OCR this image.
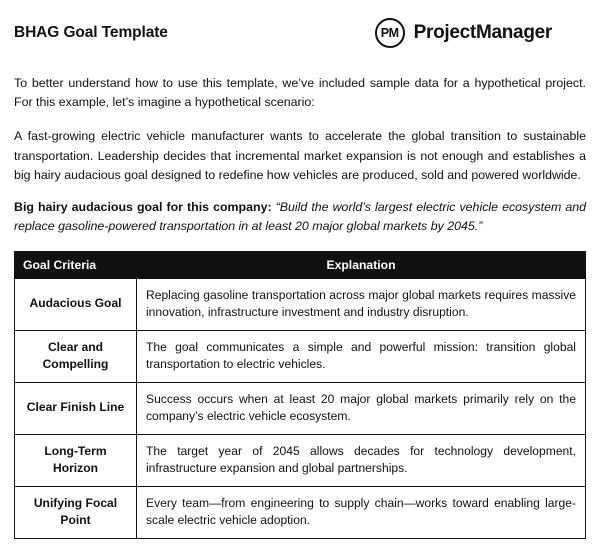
BHAG Goal Template	PM ProjectManager

To better understand how to use this template, we’ve included sample data for a hypothetical project. For this example, let’s imagine a hypothetical scenario:

A fast-growing electric vehicle manufacturer wants to accelerate the global transition to sustainable transportation. Leadership decides that incremental market expansion is not enough and establishes a big hairy audacious goal designed to redefine how vehicles are produced, sold and powered worldwide.

Big hairy audacious goal for this company: “Build the world’s largest electric vehicle ecosystem and replace gasoline-powered transportation in at least 20 major global markets by 2045.”

Goal Criteria	Explanation
Audacious Goal	Replacing gasoline transportation across major global markets requires massive innovation, infrastructure investment and industry disruption.
Clear and Compelling	The goal communicates a simple and powerful mission: transition global transportation to electric vehicles.
Clear Finish Line	Success occurs when at least 20 major global markets primarily rely on the company’s electric vehicle ecosystem.
Long-Term Horizon	The target year of 2045 allows decades for technology development, infrastructure expansion and global partnerships.
Unifying Focal Point	Every team—from engineering to supply chain—works toward enabling large-scale electric vehicle adoption.
